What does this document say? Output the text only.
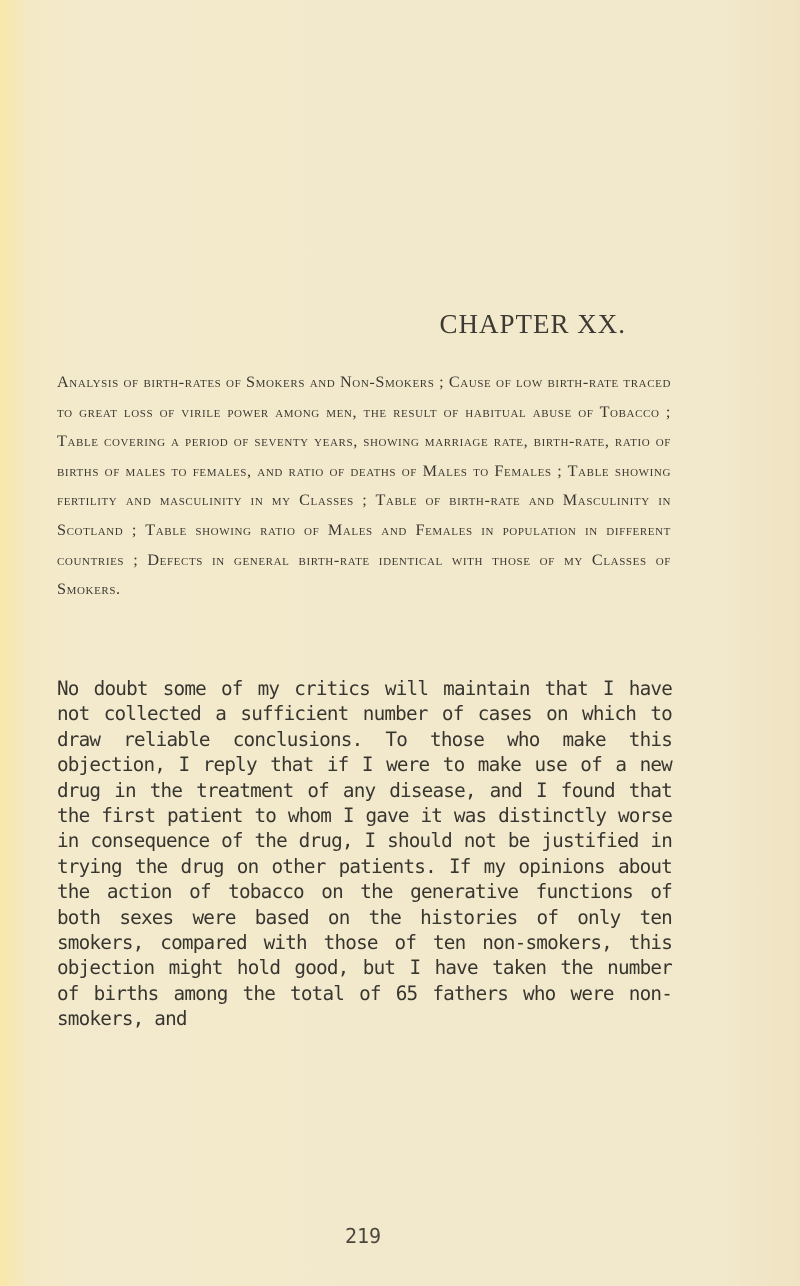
CHAPTER XX.
Analysis of birth-rates of Smokers and Non-Smokers ; Cause of low birth-rate traced to great loss of virile power among men, the result of habitual abuse of Tobacco ; Table covering a period of seventy years, showing marriage rate, birth-rate, ratio of births of males to females, and ratio of deaths of Males to Females ; Table showing fertility and masculinity in my Classes ; Table of birth-rate and Masculinity in Scotland ; Table showing ratio of Males and Females in population in different countries ; Defects in general birth-rate identical with those of my Classes of Smokers.
No doubt some of my critics will maintain that I have not collected a sufficient number of cases on which to draw reliable conclusions. To those who make this objection, I reply that if I were to make use of a new drug in the treatment of any disease, and I found that the first patient to whom I gave it was distinctly worse in consequence of the drug, I should not be justified in trying the drug on other patients. If my opinions about the action of tobacco on the generative functions of both sexes were based on the histories of only ten smokers, compared with those of ten non-smokers, this objection might hold good, but I have taken the number of births among the total of 65 fathers who were non-smokers, and
219
